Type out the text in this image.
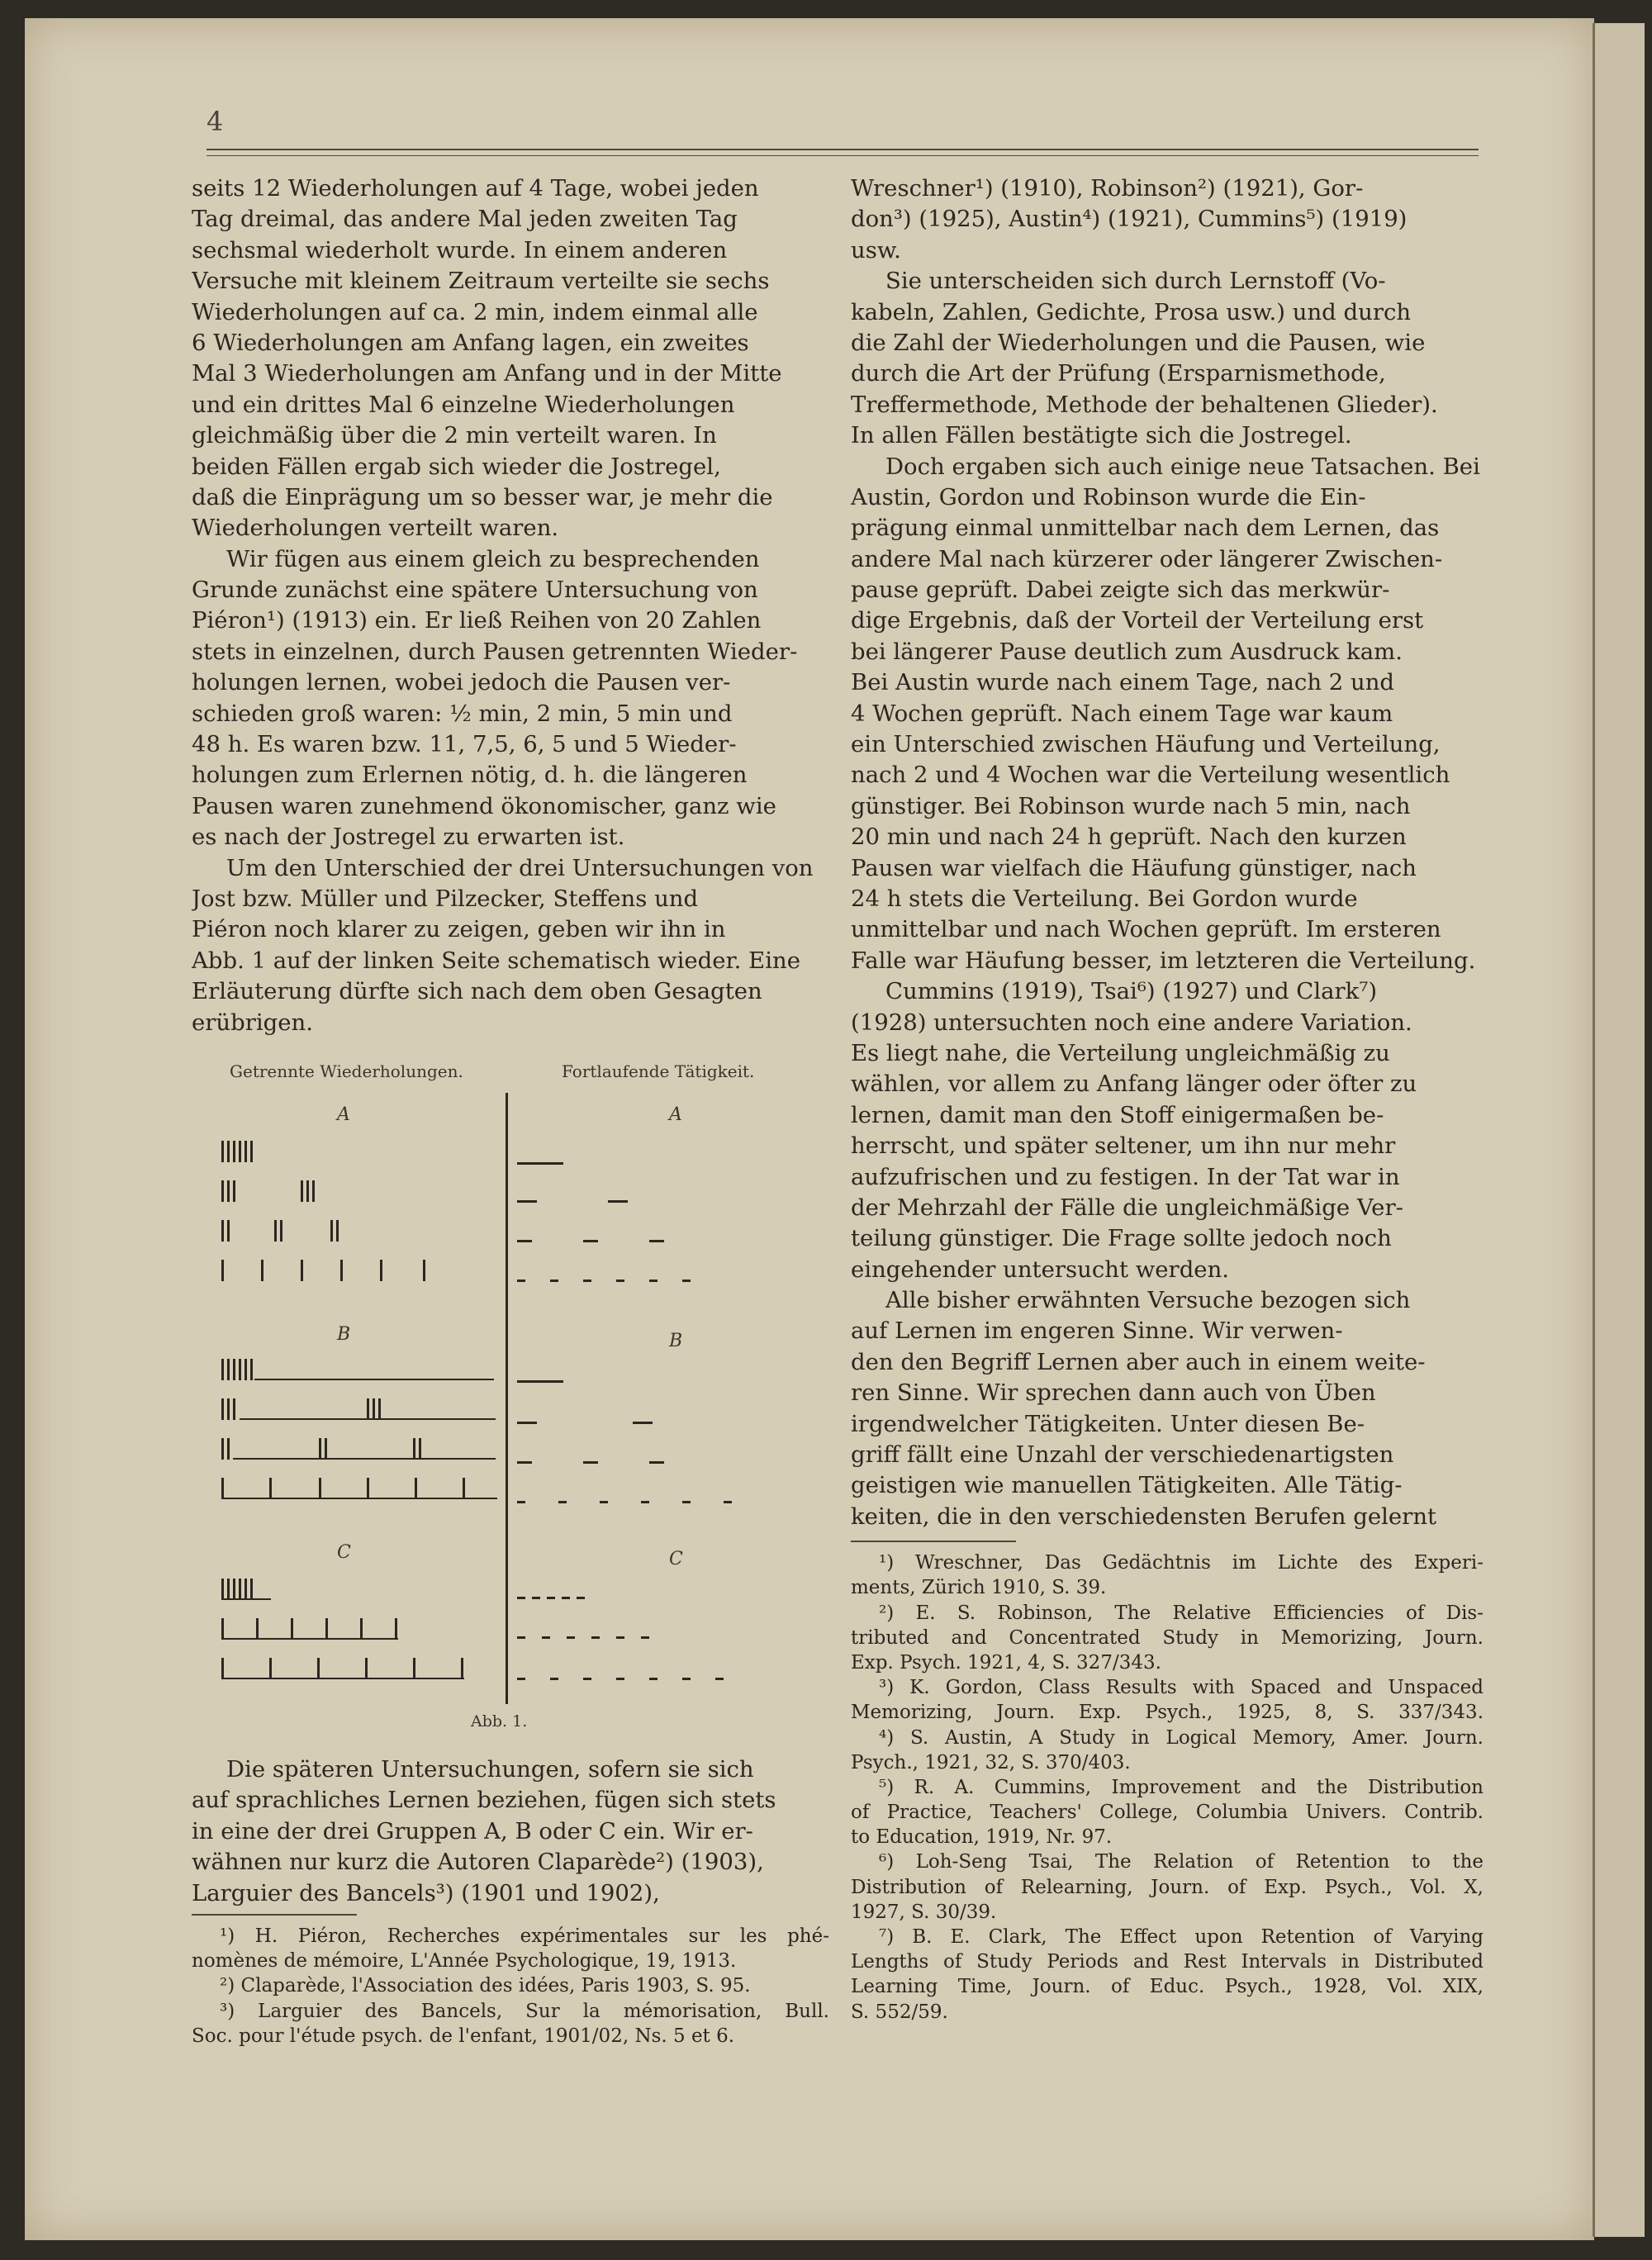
4
seits 12 Wiederholungen auf 4 Tage, wobei jeden
Tag dreimal, das andere Mal jeden zweiten Tag
sechsmal wiederholt wurde. In einem anderen
Versuche mit kleinem Zeitraum verteilte sie sechs
Wiederholungen auf ca. 2 min, indem einmal alle
6 Wiederholungen am Anfang lagen, ein zweites
Mal 3 Wiederholungen am Anfang und in der Mitte
und ein drittes Mal 6 einzelne Wiederholungen
gleichmäßig über die 2 min verteilt waren. In
beiden Fällen ergab sich wieder die Jostregel,
daß die Einprägung um so besser war, je mehr die
Wiederholungen verteilt waren.
Wir fügen aus einem gleich zu besprechenden
Grunde zunächst eine spätere Untersuchung von
Piéron¹) (1913) ein. Er ließ Reihen von 20 Zahlen
stets in einzelnen, durch Pausen getrennten Wieder-
holungen lernen, wobei jedoch die Pausen ver-
schieden groß waren: ½ min, 2 min, 5 min und
48 h. Es waren bzw. 11, 7,5, 6, 5 und 5 Wieder-
holungen zum Erlernen nötig, d. h. die längeren
Pausen waren zunehmend ökonomischer, ganz wie
es nach der Jostregel zu erwarten ist.
Um den Unterschied der drei Untersuchungen von
Jost bzw. Müller und Pilzecker, Steffens und
Piéron noch klarer zu zeigen, geben wir ihn in
Abb. 1 auf der linken Seite schematisch wieder. Eine
Erläuterung dürfte sich nach dem oben Gesagten
erübrigen.
Getrennte Wiederholungen.	Fortlaufende Tätigkeit.
A	A
B	B
C	C
Abb. 1.
Die späteren Untersuchungen, sofern sie sich
auf sprachliches Lernen beziehen, fügen sich stets
in eine der drei Gruppen A, B oder C ein. Wir er-
wähnen nur kurz die Autoren Claparède²) (1903),
Larguier des Bancels³) (1901 und 1902),
¹) H. Piéron, Recherches expérimentales sur les phé-
nomènes de mémoire, L'Année Psychologique, 19, 1913.
²) Claparède, l'Association des idées, Paris 1903, S. 95.
³) Larguier des Bancels, Sur la mémorisation, Bull.
Soc. pour l'étude psych. de l'enfant, 1901/02, Ns. 5 et 6.
Wreschner¹) (1910), Robinson²) (1921), Gor-
don³) (1925), Austin⁴) (1921), Cummins⁵) (1919)
usw.
Sie unterscheiden sich durch Lernstoff (Vo-
kabeln, Zahlen, Gedichte, Prosa usw.) und durch
die Zahl der Wiederholungen und die Pausen, wie
durch die Art der Prüfung (Ersparnismethode,
Treffermethode, Methode der behaltenen Glieder).
In allen Fällen bestätigte sich die Jostregel.
Doch ergaben sich auch einige neue Tatsachen. Bei
Austin, Gordon und Robinson wurde die Ein-
prägung einmal unmittelbar nach dem Lernen, das
andere Mal nach kürzerer oder längerer Zwischen-
pause geprüft. Dabei zeigte sich das merkwür-
dige Ergebnis, daß der Vorteil der Verteilung erst
bei längerer Pause deutlich zum Ausdruck kam.
Bei Austin wurde nach einem Tage, nach 2 und
4 Wochen geprüft. Nach einem Tage war kaum
ein Unterschied zwischen Häufung und Verteilung,
nach 2 und 4 Wochen war die Verteilung wesentlich
günstiger. Bei Robinson wurde nach 5 min, nach
20 min und nach 24 h geprüft. Nach den kurzen
Pausen war vielfach die Häufung günstiger, nach
24 h stets die Verteilung. Bei Gordon wurde
unmittelbar und nach Wochen geprüft. Im ersteren
Falle war Häufung besser, im letzteren die Verteilung.
Cummins (1919), Tsai⁶) (1927) und Clark⁷)
(1928) untersuchten noch eine andere Variation.
Es liegt nahe, die Verteilung ungleichmäßig zu
wählen, vor allem zu Anfang länger oder öfter zu
lernen, damit man den Stoff einigermaßen be-
herrscht, und später seltener, um ihn nur mehr
aufzufrischen und zu festigen. In der Tat war in
der Mehrzahl der Fälle die ungleichmäßige Ver-
teilung günstiger. Die Frage sollte jedoch noch
eingehender untersucht werden.
Alle bisher erwähnten Versuche bezogen sich
auf Lernen im engeren Sinne. Wir verwen-
den den Begriff Lernen aber auch in einem weite-
ren Sinne. Wir sprechen dann auch von Üben
irgendwelcher Tätigkeiten. Unter diesen Be-
griff fällt eine Unzahl der verschiedenartigsten
geistigen wie manuellen Tätigkeiten. Alle Tätig-
keiten, die in den verschiedensten Berufen gelernt
¹) Wreschner, Das Gedächtnis im Lichte des Experi-
ments, Zürich 1910, S. 39.
²) E. S. Robinson, The Relative Efficiencies of Dis-
tributed and Concentrated Study in Memorizing, Journ.
Exp. Psych. 1921, 4, S. 327/343.
³) K. Gordon, Class Results with Spaced and Unspaced
Memorizing, Journ. Exp. Psych., 1925, 8, S. 337/343.
⁴) S. Austin, A Study in Logical Memory, Amer. Journ.
Psych., 1921, 32, S. 370/403.
⁵) R. A. Cummins, Improvement and the Distribution
of Practice, Teachers' College, Columbia Univers. Contrib.
to Education, 1919, Nr. 97.
⁶) Loh-Seng Tsai, The Relation of Retention to the
Distribution of Relearning, Journ. of Exp. Psych., Vol. X,
1927, S. 30/39.
⁷) B. E. Clark, The Effect upon Retention of Varying
Lengths of Study Periods and Rest Intervals in Distributed
Learning Time, Journ. of Educ. Psych., 1928, Vol. XIX,
S. 552/59.
